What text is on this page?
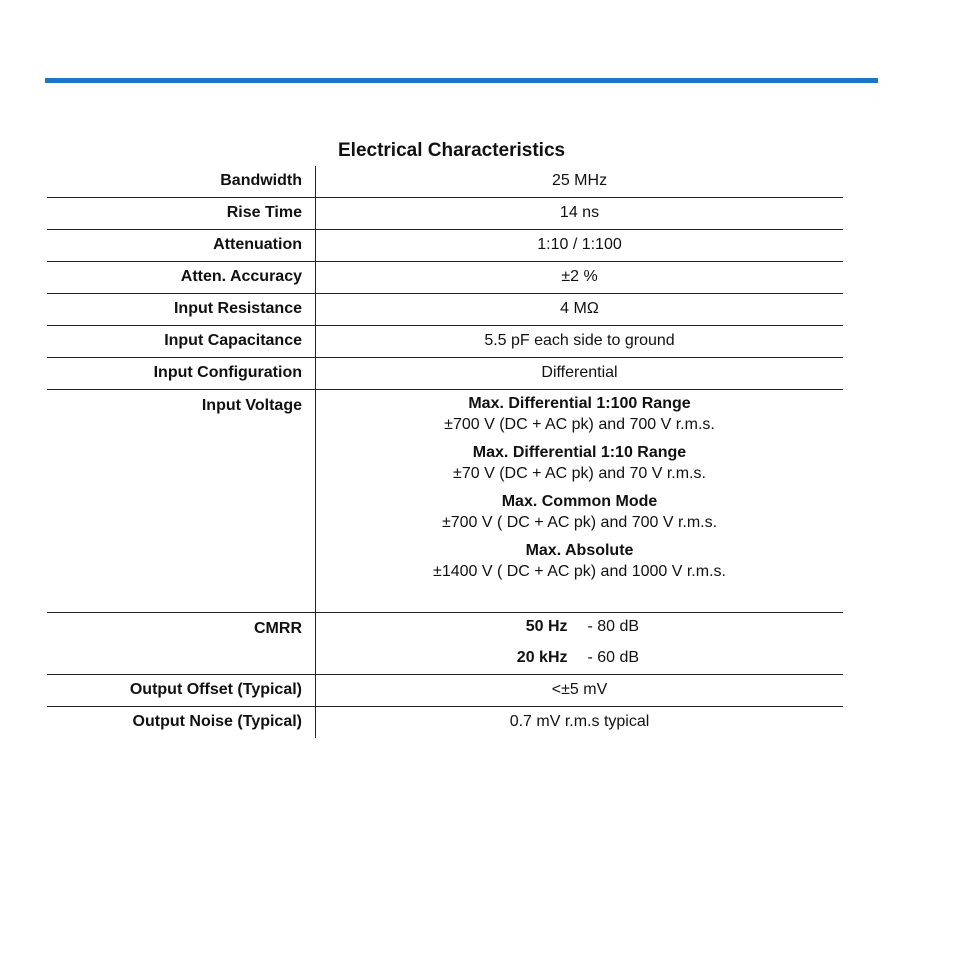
Electrical Characteristics
Bandwidth	25 MHz
Rise Time	14 ns
Attenuation	1:10 / 1:100
Atten. Accuracy	±2 %
Input Resistance	4 MΩ
Input Capacitance	5.5 pF each side to ground
Input Configuration	Differential
Input Voltage	Max. Differential 1:100 Range
±700 V (DC + AC pk) and 700 V r.m.s.
Max. Differential 1:10 Range
±70 V (DC + AC pk) and 70 V r.m.s.
Max. Common Mode
±700 V ( DC + AC pk) and 700 V r.m.s.
Max. Absolute
±1400 V ( DC + AC pk) and 1000 V r.m.s.
CMRR	50 Hz - 80 dB
20 kHz - 60 dB
Output Offset (Typical)	<±5 mV
Output Noise (Typical)	0.7 mV r.m.s typical
